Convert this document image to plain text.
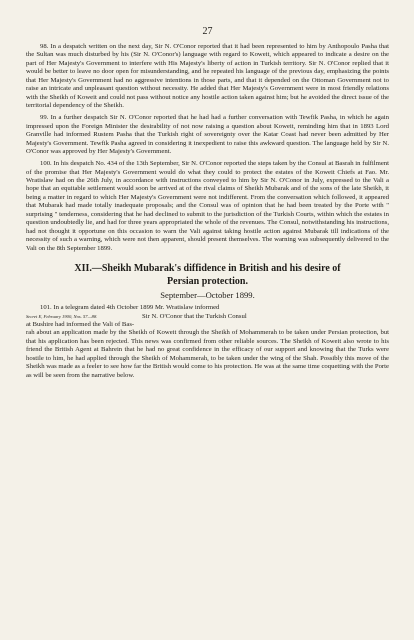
27

98. In a despatch written on the next day, Sir N. O'Conor reported that it had been represented to him by Anthopoulo Pasha that the Sultan was much disturbed by his (Sir N. O'Conor's) language with regard to Koweit, which appeared to indicate a desire on the part of Her Majesty's Government to interfere with His Majesty's liberty of action in Turkish territory. Sir N. O'Conor replied that it would be better to leave no door open for misunderstanding, and he repeated his language of the previous day, emphasizing the points that Her Majesty's Government had no aggressive intentions in those parts, and that it depended on the Ottoman Government not to raise an intricate and unpleasant question without necessity. He added that Her Majesty's Government were in most friendly relations with the Sheikh of Koweit and could not pass without notice any hostile action taken against him; but he avoided the direct issue of the territorial dependency of the Sheikh.

99. In a further despatch Sir N. O'Conor reported that he had had a further conversation with Tewfik Pasha, in which he again impressed upon the Foreign Minister the desirability of not now raising a question about Koweit, reminding him that in 1893 Lord Granville had informed Rustem Pasha that the Turkish right of sovereignty over the Katar Coast had never been admitted by Her Majesty's Government. Tewfik Pasha agreed in considering it inexpedient to raise this awkward question. The language held by Sir N. O'Conor was approved by Her Majesty's Government.

100. In his despatch No. 434 of the 13th September, Sir N. O'Conor reported the steps taken by the Consul at Basrah in fulfilment of the promise that Her Majesty's Government would do what they could to protect the estates of the Koweit Chiefs at Fao. Mr. Wratislaw had on the 26th July, in accordance with instructions conveyed to him by Sir N. O'Conor in July, expressed to the Vali a hope that an equitable settlement would soon be arrived at of the rival claims of Sheikh Mubarak and of the sons of the late Sheikh, it being a matter in regard to which Her Majesty's Government were not indifferent. From the conversation which followed, it appeared that Mubarak had made totally inadequate proposals; and the Consul was of opinion that he had been treated by the Porte with " surprising " tenderness, considering that he had declined to submit to the jurisdiction of the Turkish Courts, within which the estates in question undoubtedly lie, and had for three years appropriated the whole of the revenues. The Consul, notwithstanding his instructions, had not thought it opportune on this occasion to warn the Vali against taking hostile action against Mubarak till indications of the necessity of such a warning, which were not then apparent, should present themselves. The warning was subsequently delivered to the Vali on the 8th September 1899.

XII.—Sheikh Mubarak's diffidence in British and his desire of
Persian protection.
September—October 1899.

101. In a telegram dated 4th October 1899 Mr. Wratislaw informed

Secret E, February 1900, Nos. 57—88.	Sir N. O'Conor that the Turkish Consul
at Bushire had informed the Vali of Bas-

rah about an application made by the Sheikh of Koweit through the Sheikh of Mohammerah to be taken under Persian protection, but that his application has been rejected. This news was confirmed from other reliable sources. The Sheikh of Koweit also wrote to his friend the British Agent at Bahrein that he had no great confidence in the efficacy of our support and knowing that the Turks were hostile to him, he had applied through the Sheikh of Mohammerah, to be taken under the wing of the Shah. Possibly this move of the Sheikh was made as a feeler to see how far the British would come to his protection. He was at the same time coquetting with the Porte as will be seen from the narrative below.
